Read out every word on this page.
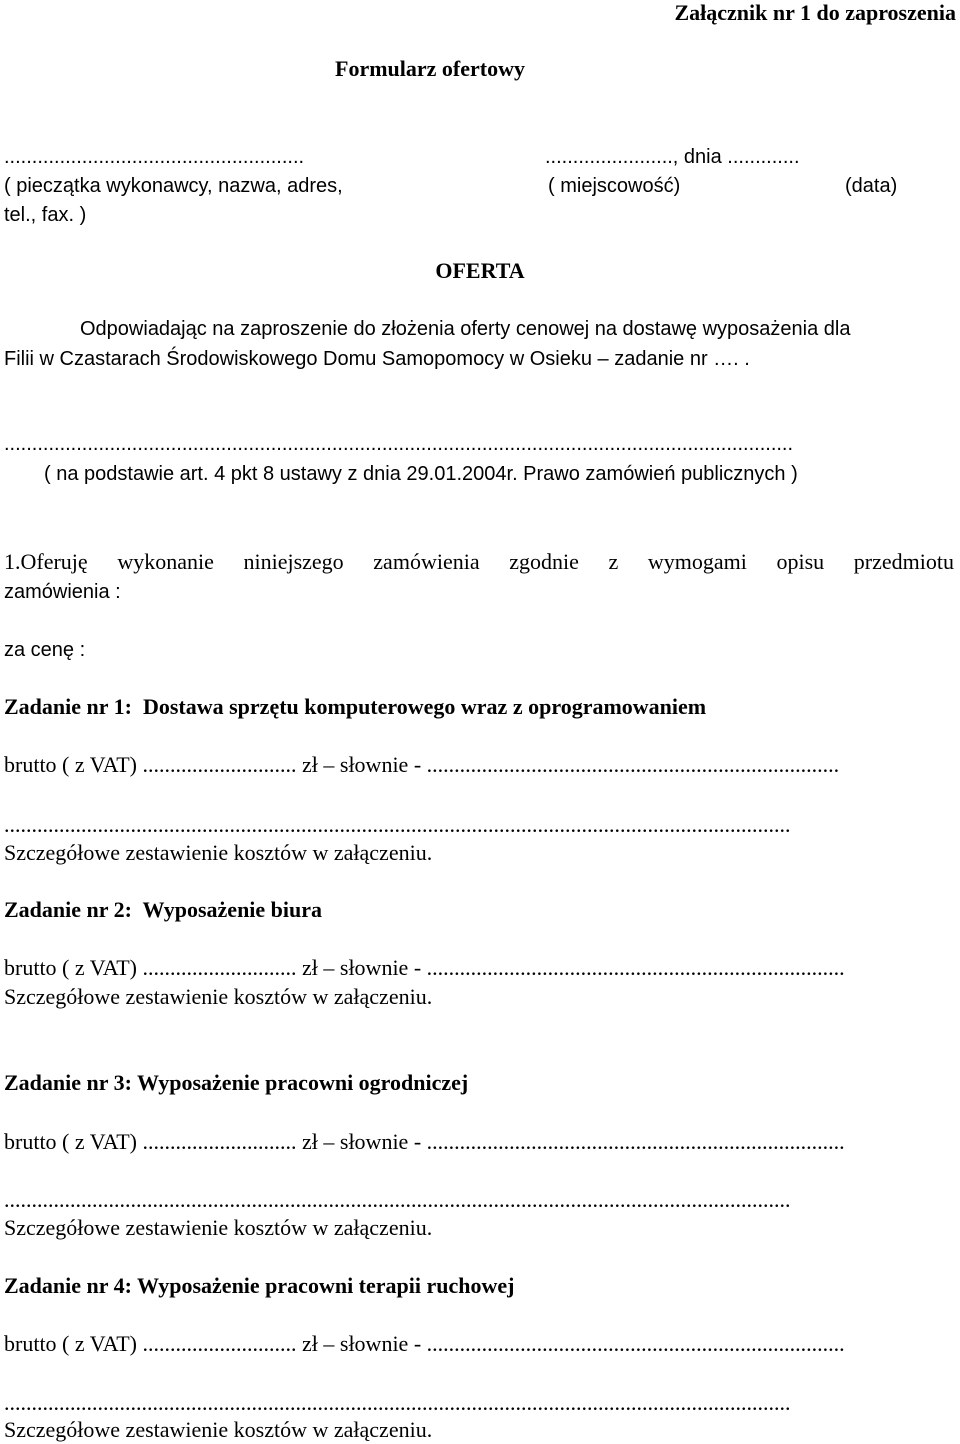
Załącznik nr 1 do zaproszenia
Formularz ofertowy
......................................................
( pieczątka wykonawcy, nazwa, adres,
tel., fax. )
......................., dnia .............
( miejscowość)	(data)
OFERTA
Odpowiadając na zaproszenie do złożenia oferty cenowej na dostawę wyposażenia dla
Filii w Czastarach Środowiskowego Domu Samopomocy w Osieku – zadanie nr …. .
..............................................................................................................................................
( na podstawie art. 4 pkt 8 ustawy z dnia 29.01.2004r. Prawo zamówień publicznych )
1.Oferuję wykonanie niniejszego zamówienia zgodnie z wymogami opisu przedmiotu
zamówienia :
za cenę :
Zadanie nr 1:  Dostawa sprzętu komputerowego wraz z oprogramowaniem
brutto ( z VAT) ............................ zł – słownie - ...........................................................................
...............................................................................................................................................
Szczegółowe zestawienie kosztów w załączeniu.
Zadanie nr 2:  Wyposażenie biura
brutto ( z VAT) ............................ zł – słownie - ............................................................................
Szczegółowe zestawienie kosztów w załączeniu.
Zadanie nr 3: Wyposażenie pracowni ogrodniczej
brutto ( z VAT) ............................ zł – słownie - ............................................................................
...............................................................................................................................................
Szczegółowe zestawienie kosztów w załączeniu.
Zadanie nr 4: Wyposażenie pracowni terapii ruchowej
brutto ( z VAT) ............................ zł – słownie - ............................................................................
...............................................................................................................................................
Szczegółowe zestawienie kosztów w załączeniu.
